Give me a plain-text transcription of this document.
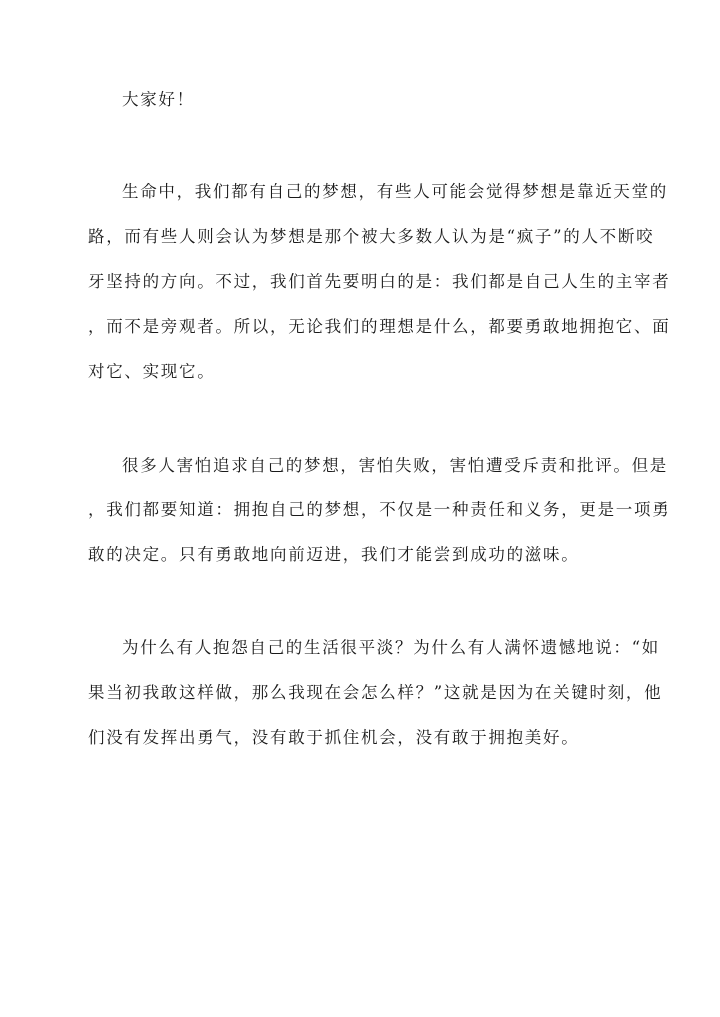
大家好！
生命中，我们都有自己的梦想，有些人可能会觉得梦想是靠近天堂的
路，而有些人则会认为梦想是那个被大多数人认为是“疯子”的人不断咬
牙坚持的方向。不过，我们首先要明白的是：我们都是自己人生的主宰者
，而不是旁观者。所以，无论我们的理想是什么，都要勇敢地拥抱它、面
对它、实现它。
很多人害怕追求自己的梦想，害怕失败，害怕遭受斥责和批评。但是
，我们都要知道：拥抱自己的梦想，不仅是一种责任和义务，更是一项勇
敢的决定。只有勇敢地向前迈进，我们才能尝到成功的滋味。
为什么有人抱怨自己的生活很平淡？为什么有人满怀遗憾地说：“如
果当初我敢这样做，那么我现在会怎么样？”这就是因为在关键时刻，他
们没有发挥出勇气，没有敢于抓住机会，没有敢于拥抱美好。
